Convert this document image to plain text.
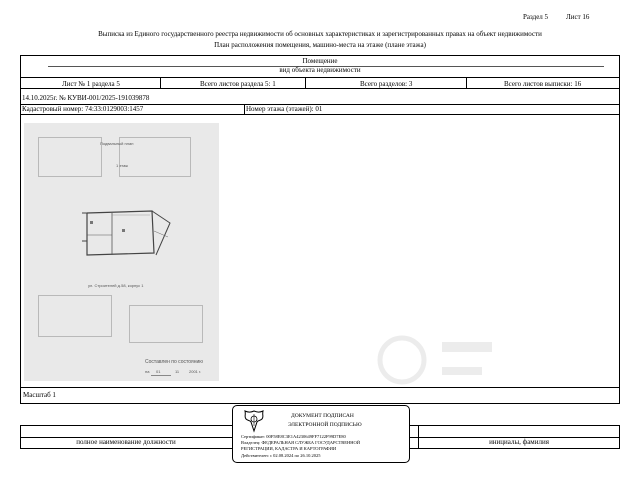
Раздел 5	Лист 16
Выписка из Единого государственного реестра недвижимости об основных характеристиках и зарегистрированных правах на объект недвижимости
План расположения помещения, машино-места на этаже (плане этажа)
Помещение
вид объекта недвижимости
Лист № 1 раздела 5	Всего листов раздела 5: 1	Всего разделов: 3	Всего листов выписки: 16
14.10.2025г. № КУВИ-001/2025-191039878
Кадастровый номер: 74:33:0129003:1457	Номер этажа (этажей): 01
Подвальный план
1 этаж
ул. Строителей д.58, корпус 1
Составлен по состоянию
на 01	11 2001 г.
Масштаб 1
полное наименование должности	инициалы, фамилия
ДОКУМЕНТ ПОДПИСАН
ЭЛЕКТРОННОЙ ПОДПИСЬЮ
Сертификат: 00F58E8C3E1A4230649FF7122F99D7E80
Владелец: ФЕДЕРАЛЬНАЯ СЛУЖБА ГОСУДАРСТВЕННОЙ
РЕГИСТРАЦИИ, КАДАСТРА И КАРТОГРАФИИ
Действителен: с 02.08.2024 по 26.10.2025
